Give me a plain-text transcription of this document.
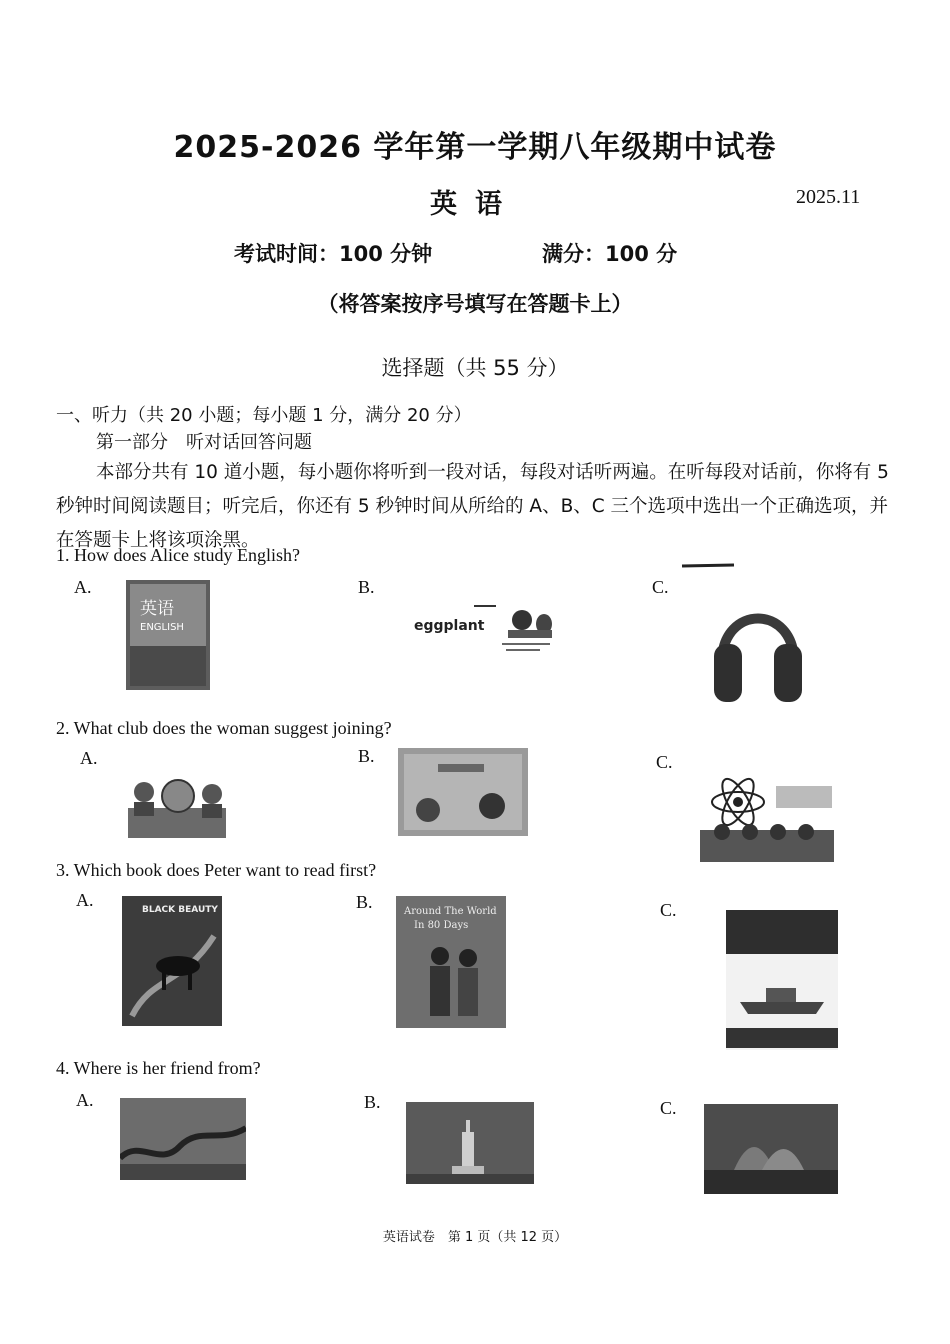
2025-2026 学年第一学期八年级期中试卷
英语	2025.11
考试时间：100 分钟	满分：100 分
（将答案按序号填写在答题卡上）
选择题（共 55 分）
一、听力（共 20 小题；每小题 1 分，满分 20 分）
第一部分　听对话回答问题
本部分共有 10 道小题，每小题你将听到一段对话，每段对话听两遍。在听每段对话前，你将有 5 秒钟时间阅读题目；听完后，你还有 5 秒钟时间从所给的 A、B、C 三个选项中选出一个正确选项，并在答题卡上将该项涂黑。
1. How does Alice study English?
A.	B.	C.
英语
ENGLISH	eggplant
2. What club does the woman suggest joining?
A.	B.	C.
3. Which book does Peter want to read first?
A.	B.	C.
BLACK BEAUTY	Around The World
In 80 Days
4. Where is her friend from?
A.	B.	C.
英语试卷　第 1 页（共 12 页）
